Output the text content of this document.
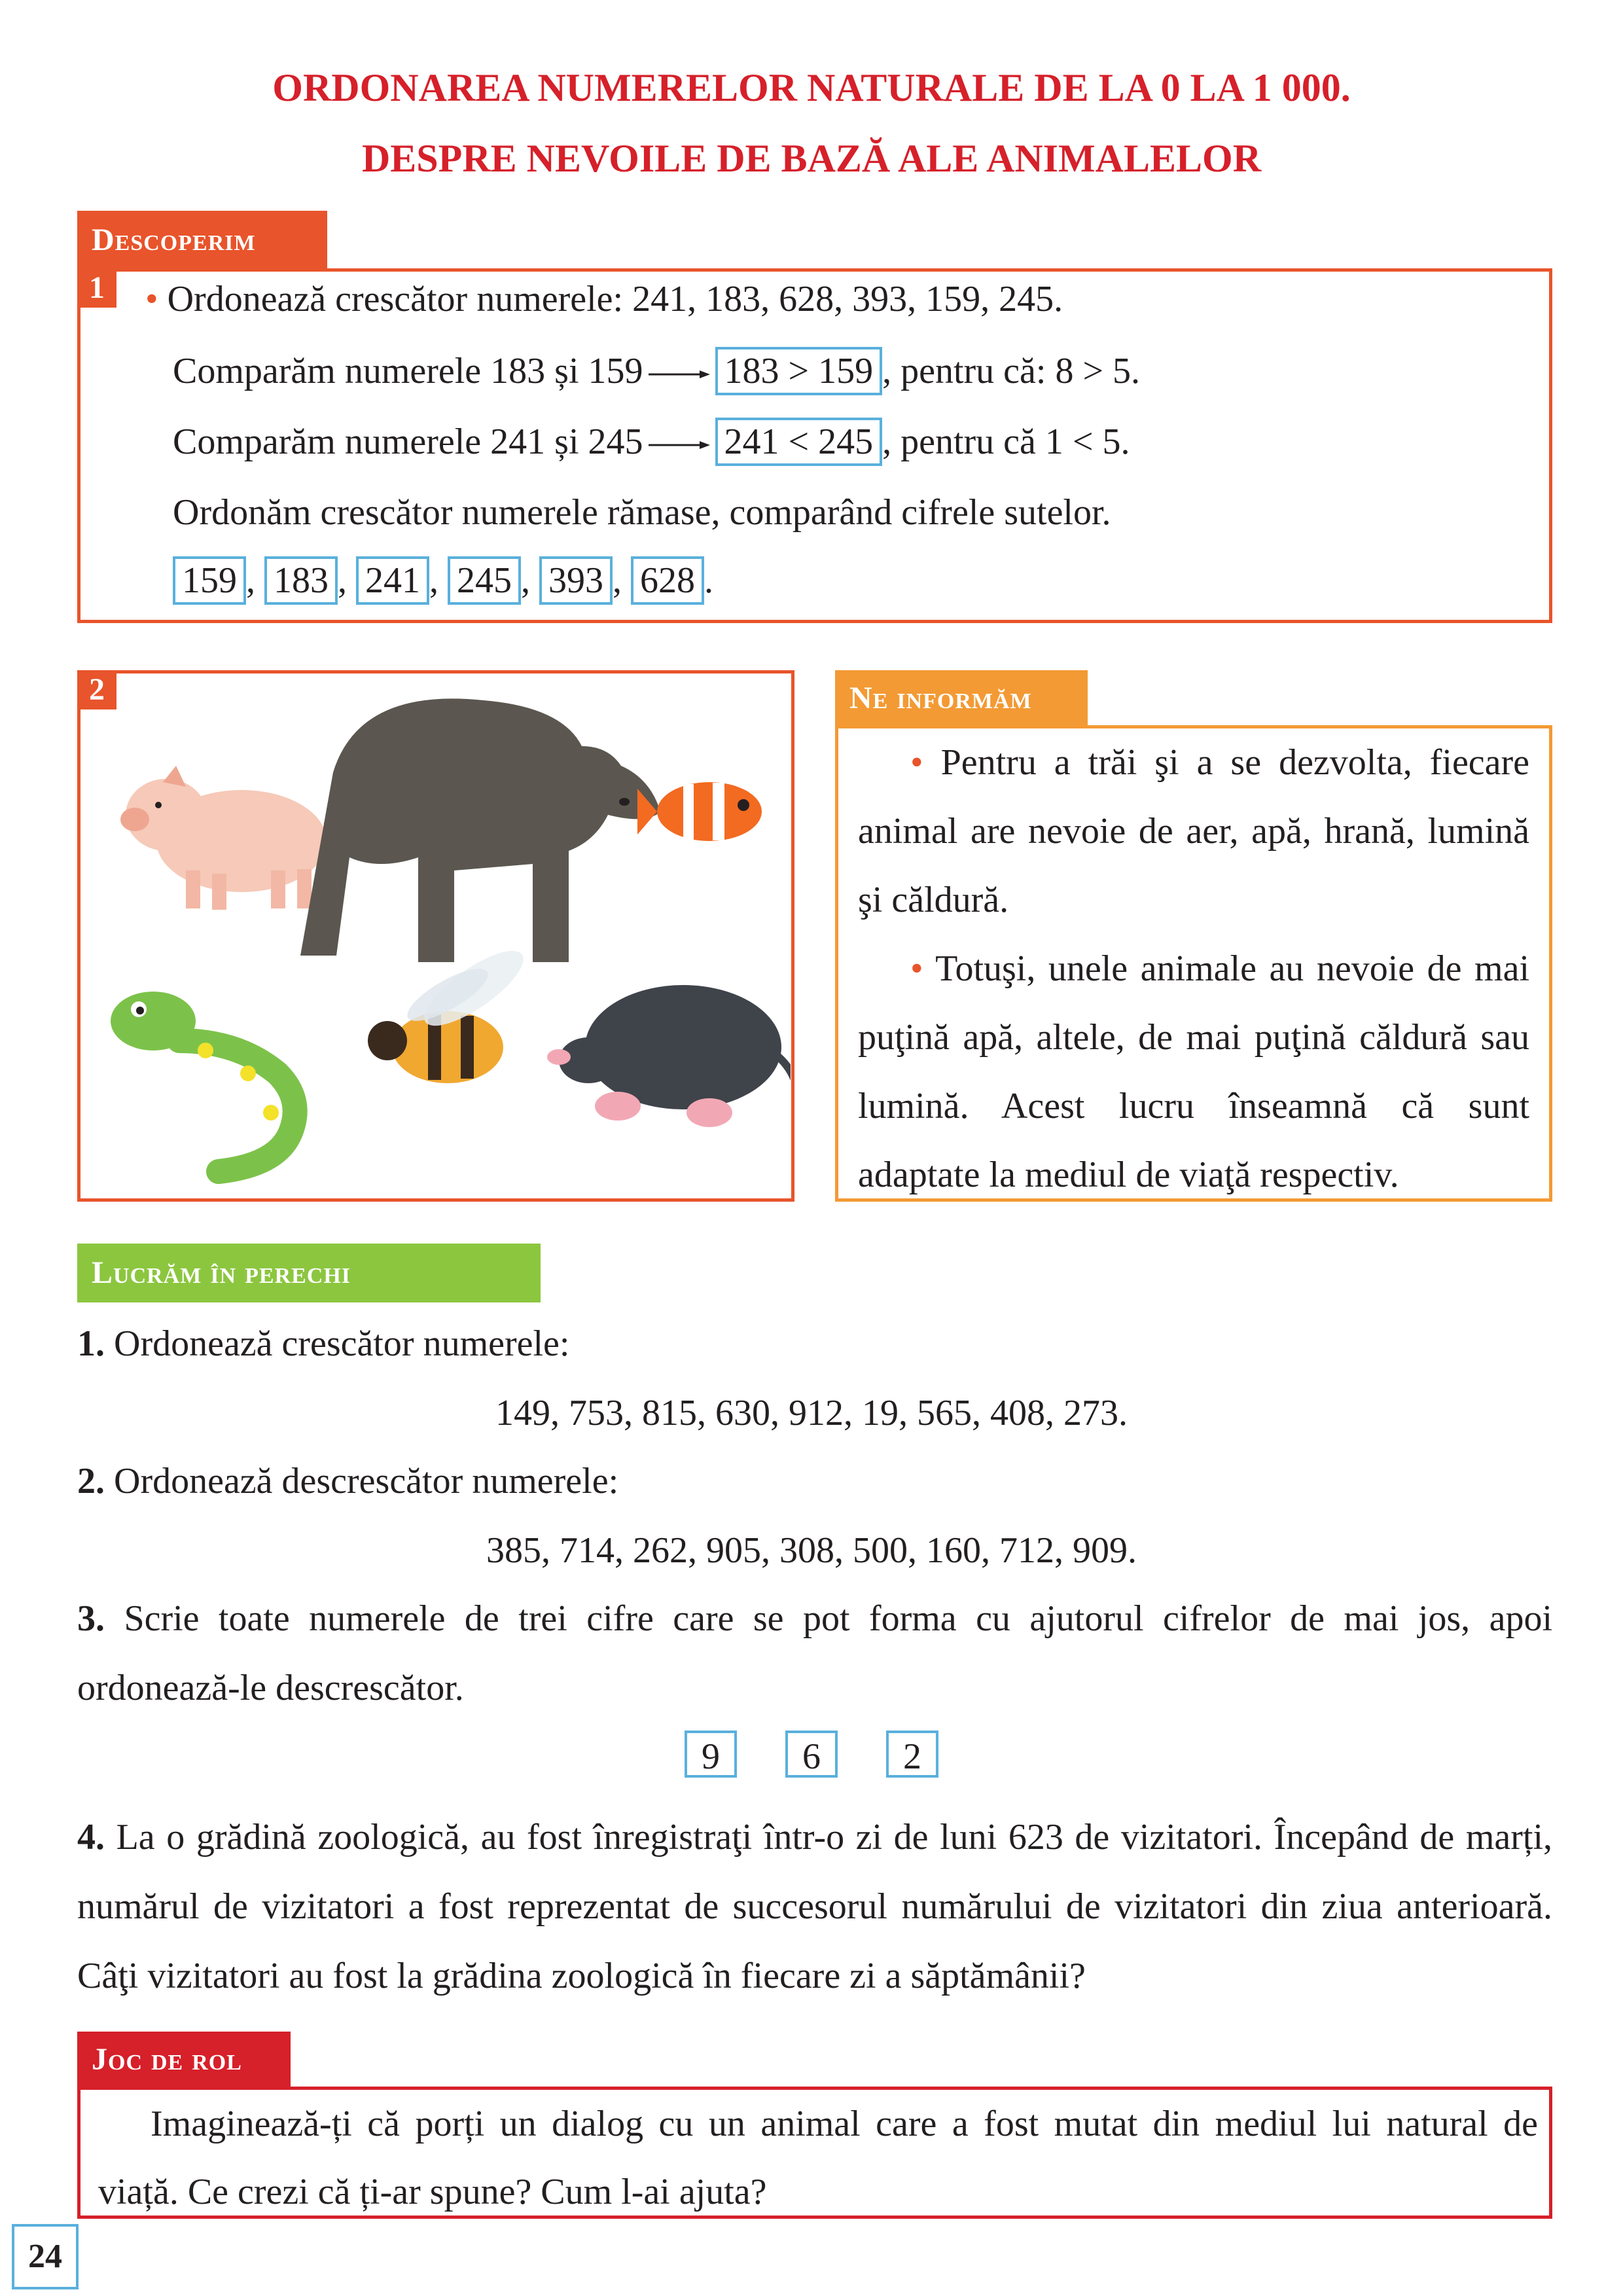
ORDONAREA NUMERELOR NATURALE DE LA 0 LA 1 000.
DESPRE NEVOILE DE BAZĂ ALE ANIMALELOR
Descoperim
1	• Ordonează crescător numerele: 241, 183, 628, 393, 159, 245.
Comparăm numerele 183 și 159 183 > 159 , pentru că: 8 > 5.
Comparăm numerele 241 și 245 241 < 245 , pentru că 1 < 5.
Ordonăm crescător numerele rămase, comparând cifrele sutelor.
159 , 183 , 241 , 245 , 393 , 628 .
2	Ne informăm

• Pentru a trăi şi a se dezvolta, fiecare animal are nevoie de aer, apă, hrană, lumină şi căldură.

• Totuşi, unele animale au nevoie de mai puţină apă, altele, de mai puţină căldură sau lumină. Acest lucru înseamnă că sunt adaptate la mediul de viaţă respectiv.

Lucrăm în perechi
1. Ordonează crescător numerele:
149, 753, 815, 630, 912, 19, 565, 408, 273.
2. Ordonează descrescător numerele:
385, 714, 262, 905, 308, 500, 160, 712, 909.
3. Scrie toate numerele de trei cifre care se pot forma cu ajutorul cifrelor de mai jos, apoi
ordonează-le descrescător.
9	6	2
4. La o grădină zoologică, au fost înregistraţi într-o zi de luni 623 de vizitatori. Începând de marți,
numărul de vizitatori a fost reprezentat de succesorul numărului de vizitatori din ziua anterioară.
Câţi vizitatori au fost la grădina zoologică în fiecare zi a săptămânii?
Joc de rol
Imaginează-ți că porți un dialog cu un animal care a fost mutat din mediul lui natural de
viață. Ce crezi că ți-ar spune? Cum l-ai ajuta?
24
